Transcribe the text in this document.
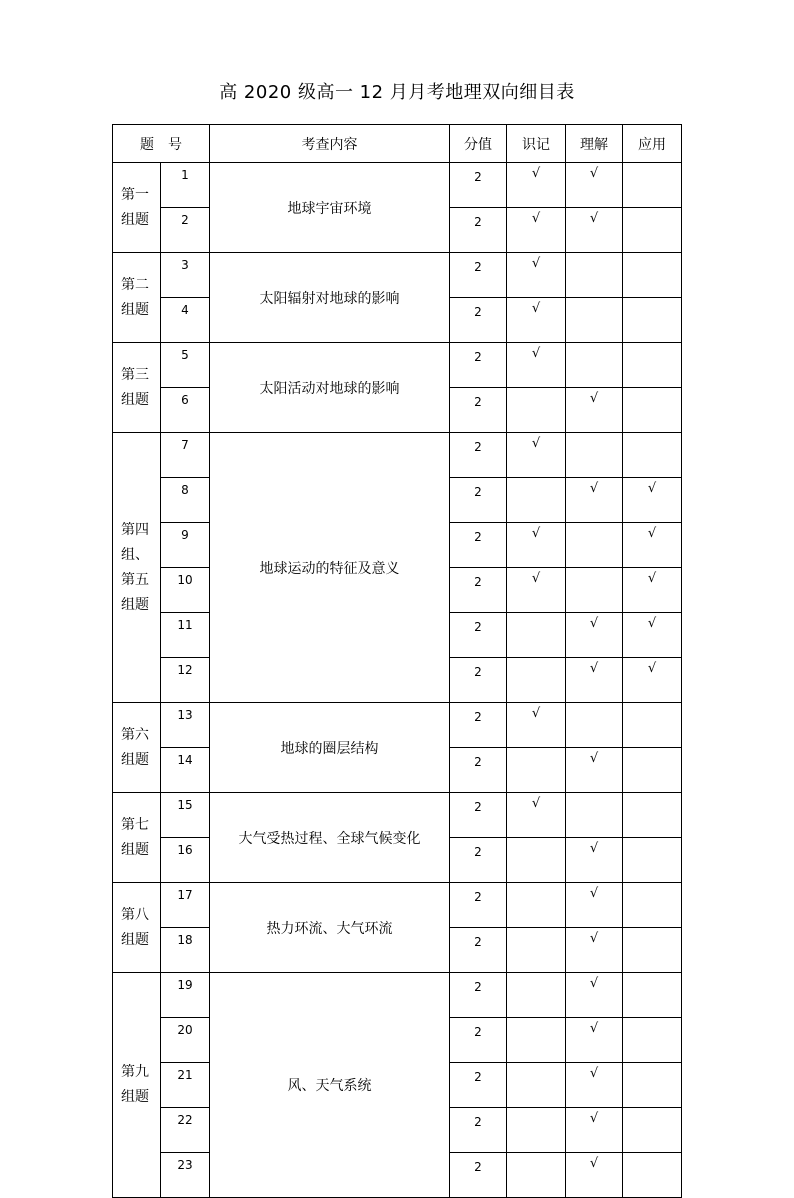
高 2020 级高一 12 月月考地理双向细目表
题　号		考查内容	分值	识记	理解	应用
第一
组题	1	地球宇宙环境	2	√	√	
	2		2	√	√	
第二
组题	3	太阳辐射对地球的影响	2	√		
	4		2	√		
第三
组题	5	太阳活动对地球的影响	2	√		
	6		2		√	
第四
组、
第五
组题	7	地球运动的特征及意义	2	√		
	8		2		√	√
	9		2	√		√
	10		2	√		√
	11		2		√	√
	12		2		√	√
第六
组题	13	地球的圈层结构	2	√		
	14		2		√	
第七
组题	15	大气受热过程、全球气候变化	2	√		
	16		2		√	
第八
组题	17	热力环流、大气环流	2		√	
	18		2		√	
第九
组题	19	风、天气系统	2		√	
	20		2		√	
	21		2		√	
	22		2		√	
	23		2		√	
